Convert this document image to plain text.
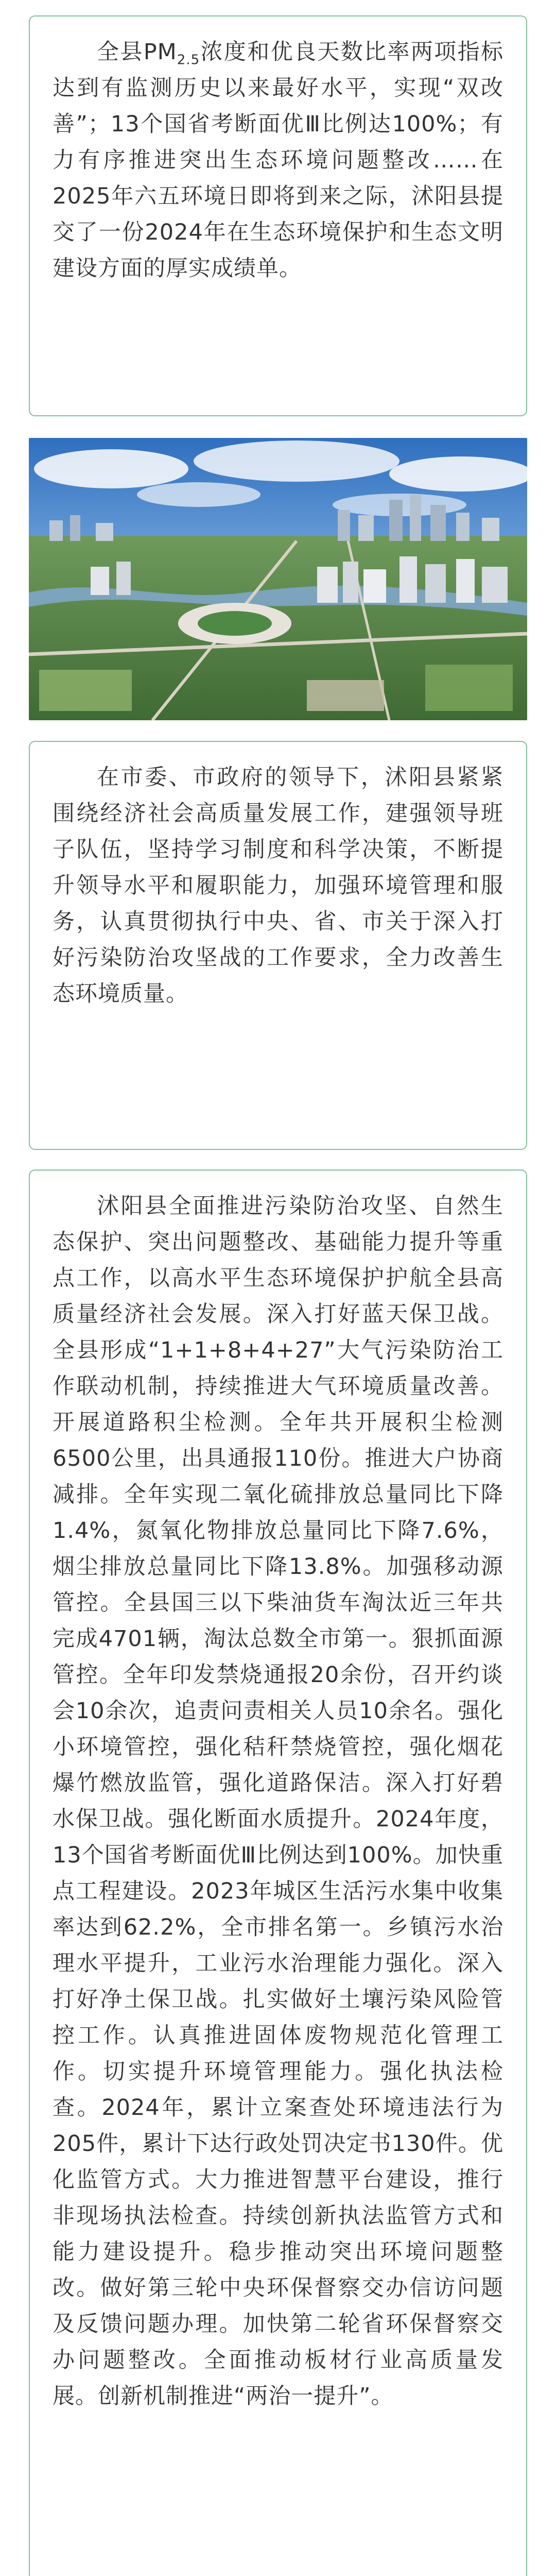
全县$PM_{2.5}$浓度和优良天数比率两项指标达到有监测历史以来最好水平，实现“双改善”；13个国省考断面优Ⅲ比例达100%；有力有序推进突出生态环境问题整改……在2025年六五环境日即将到来之际，沭阳县提交了一份2024年在生态环境保护和生态文明建设方面的厚实成绩单。

在市委、市政府的领导下，沭阳县紧紧围绕经济社会高质量发展工作，建强领导班子队伍，坚持学习制度和科学决策，不断提升领导水平和履职能力，加强环境管理和服务，认真贯彻执行中央、省、市关于深入打好污染防治攻坚战的工作要求，全力改善生态环境质量。

沭阳县全面推进污染防治攻坚、自然生态保护、突出问题整改、基础能力提升等重点工作，以高水平生态环境保护护航全县高质量经济社会发展。深入打好蓝天保卫战。全县形成“1+1+8+4+27”大气污染防治工作联动机制，持续推进大气环境质量改善。开展道路积尘检测。全年共开展积尘检测6500公里，出具通报110份。推进大户协商减排。全年实现二氧化硫排放总量同比下降1.4%，氮氧化物排放总量同比下降7.6%，烟尘排放总量同比下降13.8%。加强移动源管控。全县国三以下柴油货车淘汰近三年共完成4701辆，淘汰总数全市第一。狠抓面源管控。全年印发禁烧通报20余份，召开约谈会10余次，追责问责相关人员10余名。强化小环境管控，强化秸秆禁烧管控，强化烟花爆竹燃放监管，强化道路保洁。深入打好碧水保卫战。强化断面水质提升。2024年度，13个国省考断面优Ⅲ比例达到100%。加快重点工程建设。2023年城区生活污水集中收集率达到62.2%，全市排名第一。乡镇污水治理水平提升，工业污水治理能力强化。深入打好净土保卫战。扎实做好土壤污染风险管控工作。认真推进固体废物规范化管理工作。切实提升环境管理能力。强化执法检查。2024年，累计立案查处环境违法行为205件，累计下达行政处罚决定书130件。优化监管方式。大力推进智慧平台建设，推行非现场执法检查。持续创新执法监管方式和能力建设提升。稳步推动突出环境问题整改。做好第三轮中央环保督察交办信访问题及反馈问题办理。加快第二轮省环保督察交办问题整改。全面推动板材行业高质量发展。创新机制推进“两治一提升”。
